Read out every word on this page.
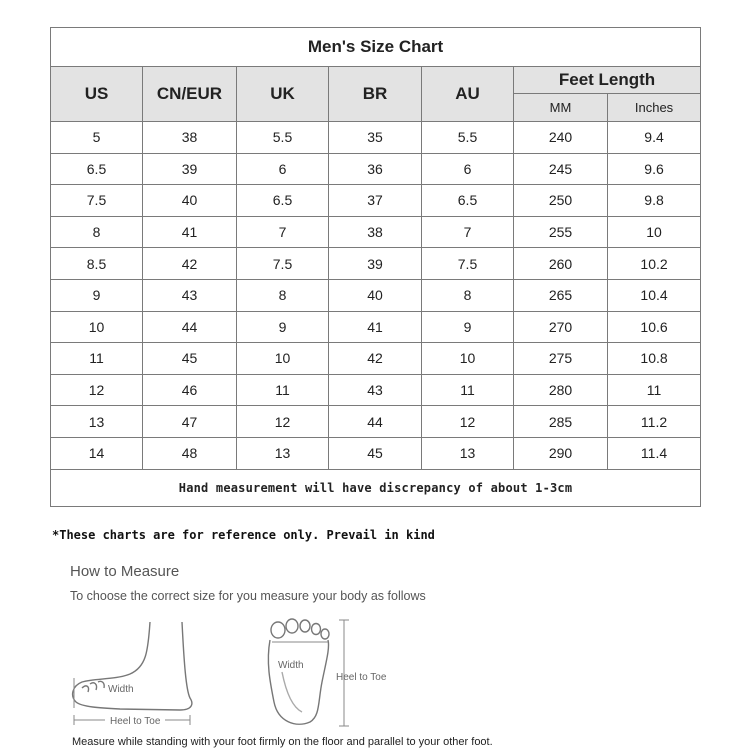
Men's Size Chart						
US	CN/EUR	UK	BR	AU	Feet Length	
					MM	Inches
5	38	5.5	35	5.5	240	9.4
6.5	39	6	36	6	245	9.6
7.5	40	6.5	37	6.5	250	9.8
8	41	7	38	7	255	10
8.5	42	7.5	39	7.5	260	10.2
9	43	8	40	8	265	10.4
10	44	9	41	9	270	10.6
11	45	10	42	10	275	10.8
12	46	11	43	11	280	11
13	47	12	44	12	285	11.2
14	48	13	45	13	290	11.4
Hand measurement will have discrepancy of about 1-3cm						
*These charts are for reference only. Prevail in kind
How to Measure
To choose the correct size for you measure your body as follows
Width
Heel to Toe
Width
Heel to Toe
Measure while standing with your foot firmly on the floor and parallel to your other foot.
